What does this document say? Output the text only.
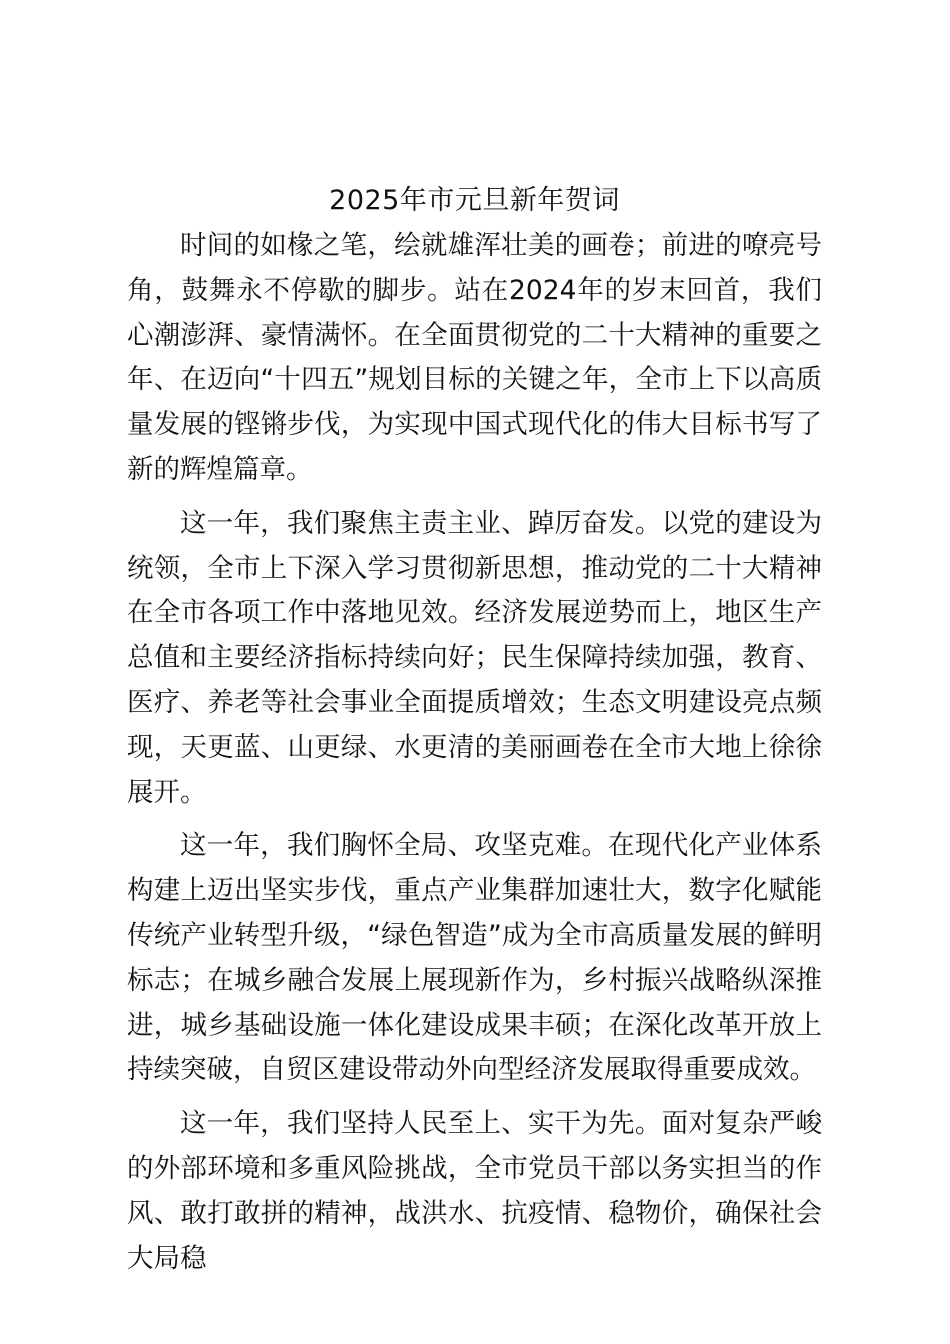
2025年市元旦新年贺词

时间的如椽之笔，绘就雄浑壮美的画卷；前进的嘹亮号角，鼓舞永不停歇的脚步。站在2024年的岁末回首，我们心潮澎湃、豪情满怀。在全面贯彻党的二十大精神的重要之年、在迈向“十四五”规划目标的关键之年，全市上下以高质量发展的铿锵步伐，为实现中国式现代化的伟大目标书写了新的辉煌篇章。

这一年，我们聚焦主责主业、踔厉奋发。以党的建设为统领，全市上下深入学习贯彻新思想，推动党的二十大精神在全市各项工作中落地见效。经济发展逆势而上，地区生产总值和主要经济指标持续向好；民生保障持续加强，教育、医疗、养老等社会事业全面提质增效；生态文明建设亮点频现，天更蓝、山更绿、水更清的美丽画卷在全市大地上徐徐展开。

这一年，我们胸怀全局、攻坚克难。在现代化产业体系构建上迈出坚实步伐，重点产业集群加速壮大，数字化赋能传统产业转型升级，“绿色智造”成为全市高质量发展的鲜明标志；在城乡融合发展上展现新作为，乡村振兴战略纵深推进，城乡基础设施一体化建设成果丰硕；在深化改革开放上持续突破，自贸区建设带动外向型经济发展取得重要成效。

这一年，我们坚持人民至上、实干为先。面对复杂严峻的外部环境和多重风险挑战，全市党员干部以务实担当的作风、敢打敢拼的精神，战洪水、抗疫情、稳物价，确保社会大局稳
